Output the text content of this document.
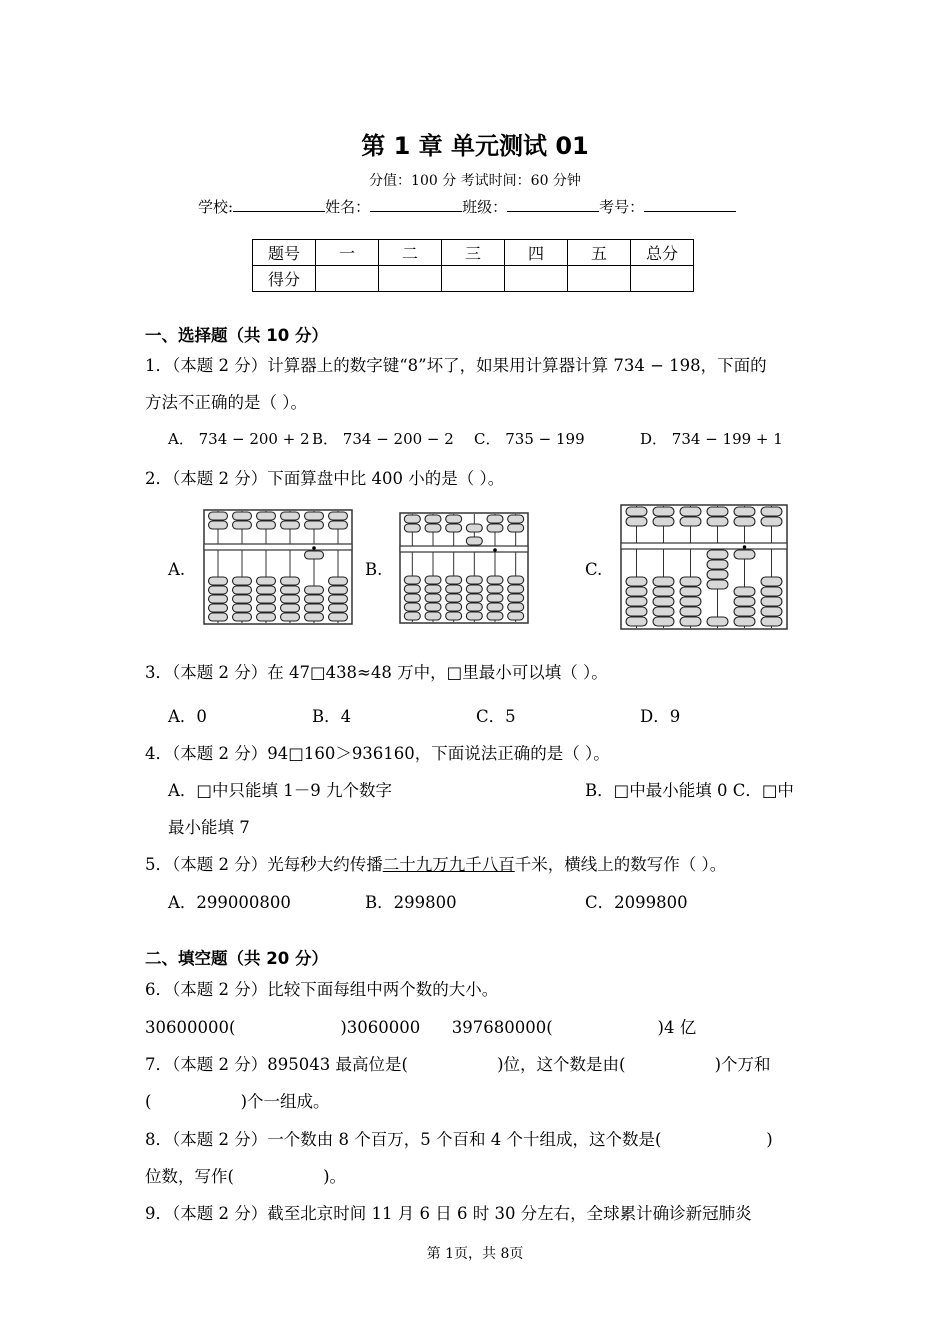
第 1 章 单元测试 01
分值：100 分 考试时间：60 分钟
学校:	姓名：	班级：	考号：
题号	一	二	三	四	五	总分
得分						
一、选择题（共 10 分）
1．（本题 2 分）计算器上的数字键“8”坏了，如果用计算器计算 734 − 198，下面的
方法不正确的是（ ）。
A． 734 − 200 + 2 B． 734 − 200 − 2 C． 735 − 199	D． 734 − 199 + 1
2．（本题 2 分）下面算盘中比 400 小的是（ ）。
A.	B.	C.
3．（本题 2 分）在 47□438≈48 万中，□里最小可以填（ ）。
A．0	B．4	C．5	D．9
4．（本题 2 分）94□160＞936160，下面说法正确的是（ ）。
A．□中只能填 1－9 九个数字	B．□中最小能填 0 C．□中
最小能填 7
5．（本题 2 分）光每秒大约传播二十九万九千八百千米，横线上的数写作（ ）。
A．299000800	B．299800	C．2099800
二、填空题（共 20 分）
6．（本题 2 分）比较下面每组中两个数的大小。
30600000(                    )3060000      397680000(                    )4 亿
7．（本题 2 分）895043 最高位是(                 )位，这个数是由(                 )个万和
(                 )个一组成。
8．（本题 2 分）一个数由 8 个百万，5 个百和 4 个十组成，这个数是(                    )
位数，写作(                 )。
9．（本题 2 分）截至北京时间 11 月 6 日 6 时 30 分左右，全球累计确诊新冠肺炎
第 1页，共 8页
